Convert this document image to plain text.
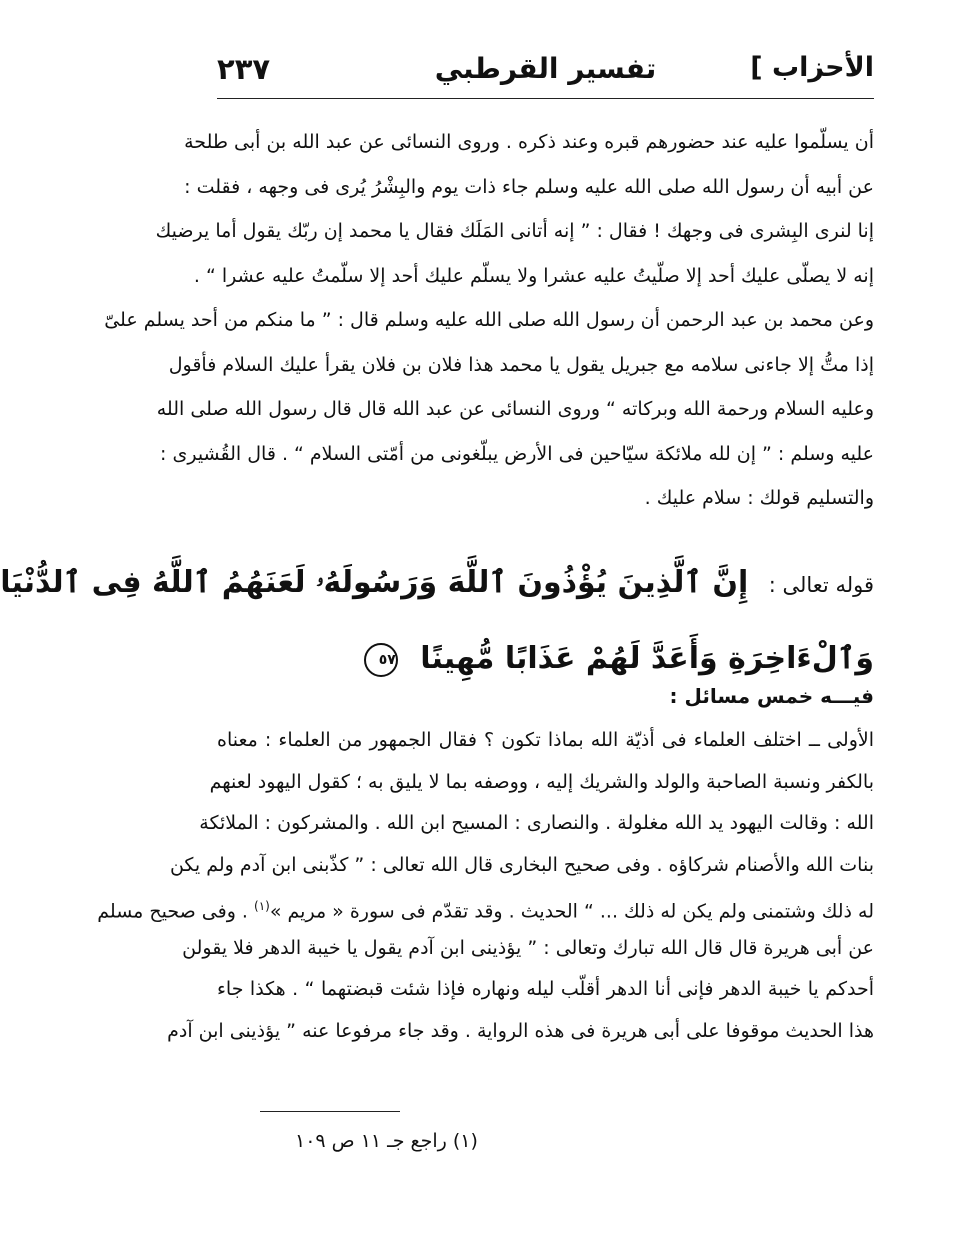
الأحزاب ]
تفسير القرطبي
٢٣٧
أن يسلّموا عليه عند حضورهم قبره وعند ذكره . وروى النسائى عن عبد الله بن أبى طلحة
عن أبيه أن رسول الله صلى الله عليه وسلم جاء ذات يوم والبِشْرُ يُرى فى وجهه ، فقلت :
إنا لنرى البِشرى فى وجهك ! فقال : ” إنه أتانى المَلَك فقال يا محمد إن ربّك يقول أما يرضيك
إنه لا يصلّى عليك أحد إلا صلّيتُ عليه عشرا ولا يسلّم عليك أحد إلا سلّمتُ عليه عشرا “ .
وعن محمد بن عبد الرحمن أن رسول الله صلى الله عليه وسلم قال : ” ما منكم من أحد يسلم علىّ
إذا متُّ إلا جاءنى سلامه مع جبريل يقول يا محمد هذا فلان بن فلان يقرأ عليك السلام فأقول
وعليه السلام ورحمة الله وبركاته “ وروى النسائى عن عبد الله قال قال رسول الله صلى الله
عليه وسلم : ” إن لله ملائكة سيّاحين فى الأرض يبلّغونى من أمّتى السلام “ . قال القُشيرى :
والتسليم قولك : سلام عليك .
قوله تعالى : إِنَّ ٱلَّذِينَ يُؤْذُونَ ٱللَّهَ وَرَسُولَهُۥ لَعَنَهُمُ ٱللَّهُ فِى ٱلدُّنْيَا
وَٱلْءَاخِرَةِ وَأَعَدَّ لَهُمْ عَذَابًا مُّهِينًا ٥٧
فيـــه خمس مسائل :
الأولى ــ اختلف العلماء فى أذيّة الله بماذا تكون ؟ فقال الجمهور من العلماء : معناه
بالكفر ونسبة الصاحبة والولد والشريك إليه ، ووصفه بما لا يليق به ؛ كقول اليهود لعنهم
الله : وقالت اليهود يد الله مغلولة . والنصارى : المسيح ابن الله . والمشركون : الملائكة
بنات الله والأصنام شركاؤه . وفى صحيح البخارى قال الله تعالى : ” كذّبنى ابن آدم ولم يكن
له ذلك وشتمنى ولم يكن له ذلك ... “ الحديث . وقد تقدّم فى سورة « مريم »$^{(١)}$ . وفى صحيح مسلم
عن أبى هريرة قال قال الله تبارك وتعالى : ” يؤذينى ابن آدم يقول يا خيبة الدهر فلا يقولن
أحدكم يا خيبة الدهر فإنى أنا الدهر أقلّب ليله ونهاره فإذا شئت قبضتهما “ . هكذا جاء
هذا الحديث موقوفا على أبى هريرة فى هذه الرواية . وقد جاء مرفوعا عنه ” يؤذينى ابن آدم
(١) راجع جـ ١١ ص ١٠٩
